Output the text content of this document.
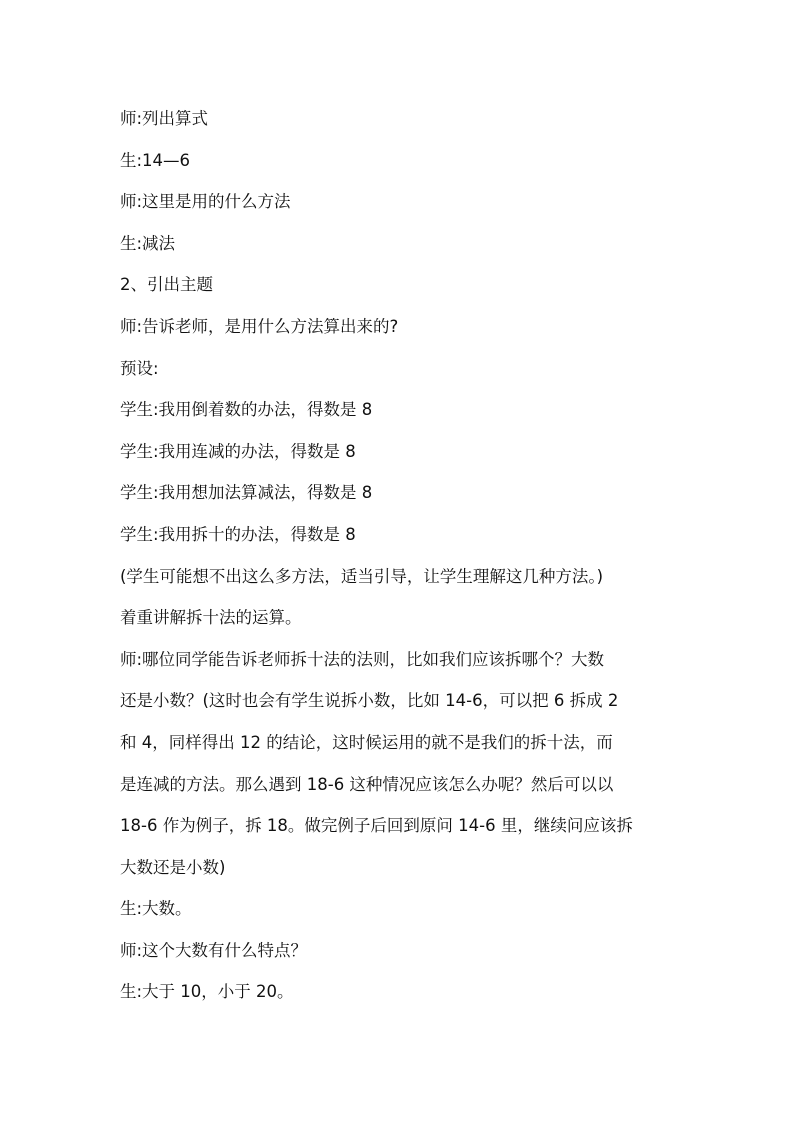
师:列出算式
生:14—6
师:这里是用的什么方法
生:减法
2、引出主题
师:告诉老师，是用什么方法算出来的?
预设:
学生:我用倒着数的办法，得数是 8
学生:我用连减的办法，得数是 8
学生:我用想加法算减法，得数是 8
学生:我用拆十的办法，得数是 8
(学生可能想不出这么多方法，适当引导，让学生理解这几种方法。)
着重讲解拆十法的运算。
师:哪位同学能告诉老师拆十法的法则，比如我们应该拆哪个？大数
还是小数？(这时也会有学生说拆小数，比如 14-6，可以把 6 拆成 2
和 4，同样得出 12 的结论，这时候运用的就不是我们的拆十法，而
是连减的方法。那么遇到 18-6 这种情况应该怎么办呢？然后可以以
18-6 作为例子，拆 18。做完例子后回到原问 14-6 里，继续问应该拆
大数还是小数)
生:大数。
师:这个大数有什么特点？
生:大于 10，小于 20。
